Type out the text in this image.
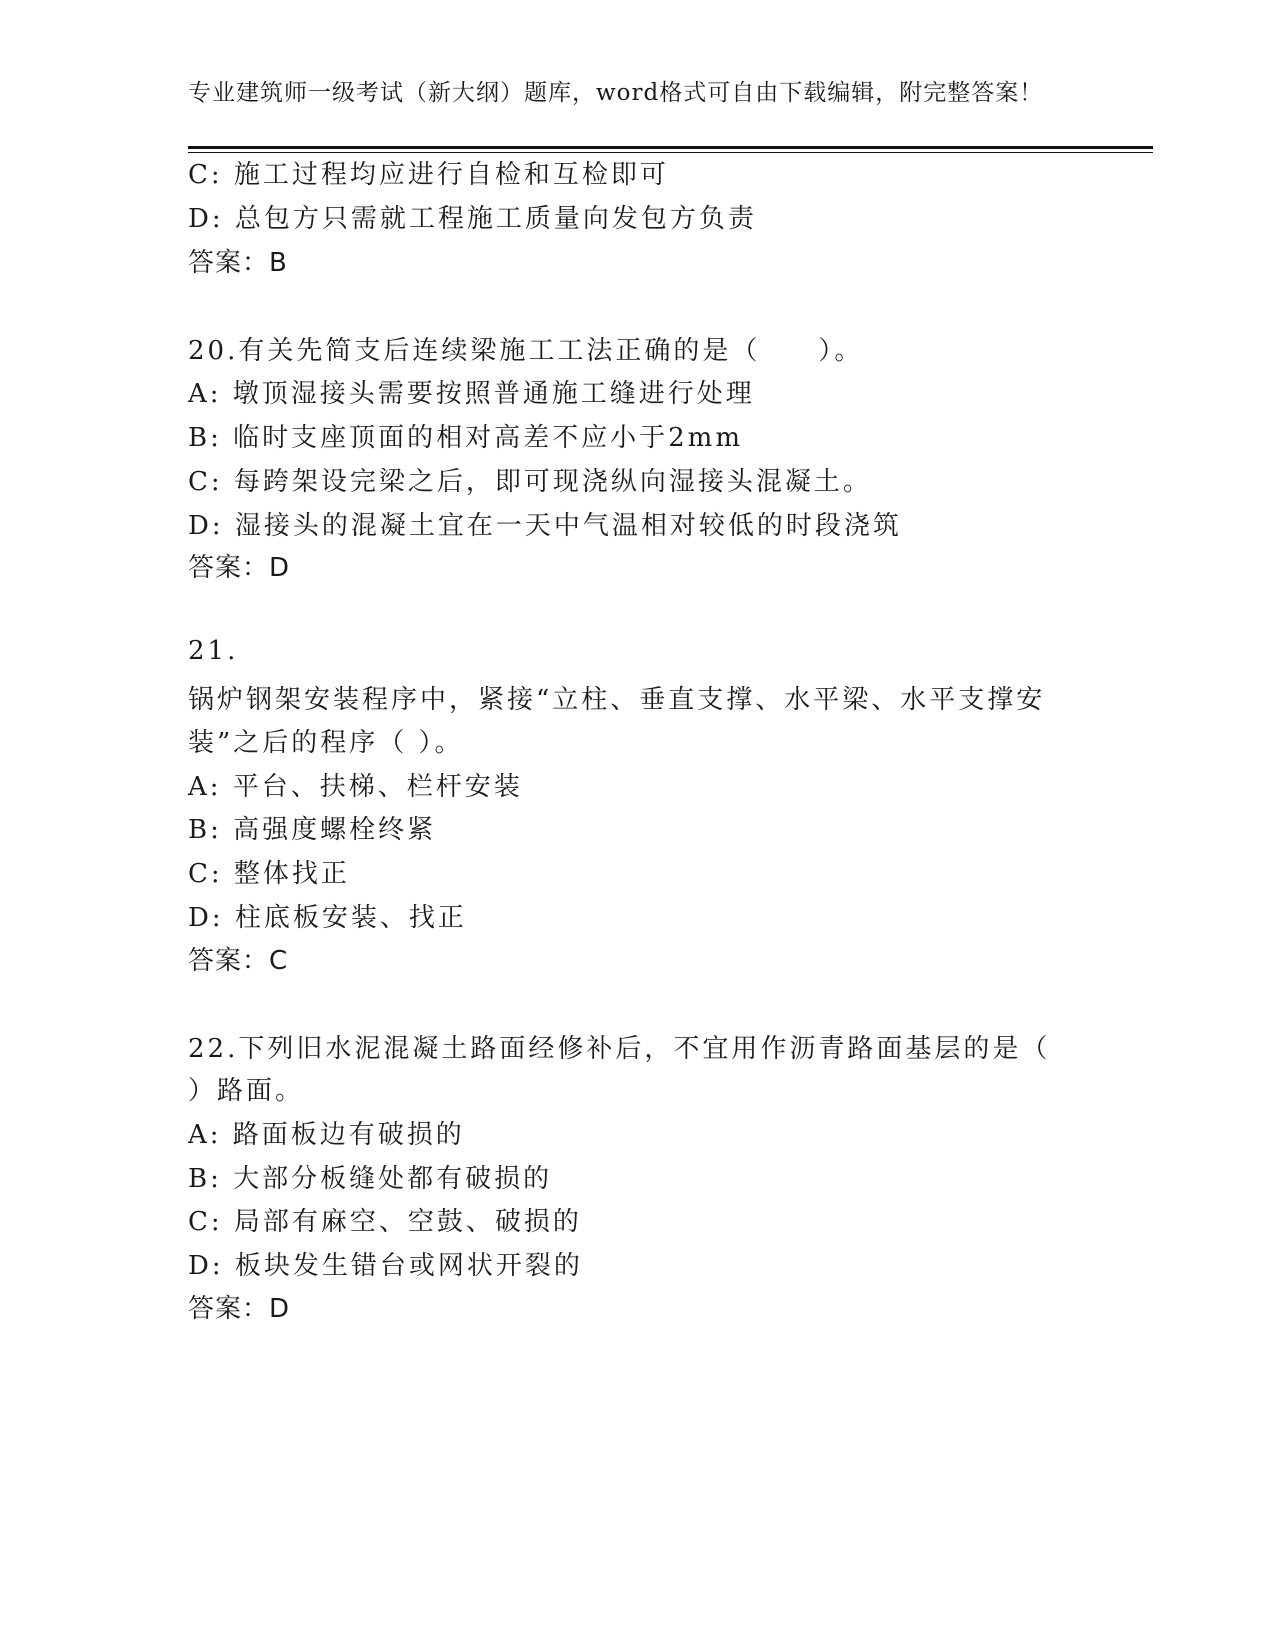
专业建筑师一级考试（新大纲）题库，word格式可自由下载编辑，附完整答案！
C: 施工过程均应进行自检和互检即可
D: 总包方只需就工程施工质量向发包方负责
答案：B
20.有关先简支后连续梁施工工法正确的是（　　）。
A: 墩顶湿接头需要按照普通施工缝进行处理
B: 临时支座顶面的相对高差不应小于2mm
C: 每跨架设完梁之后，即可现浇纵向湿接头混凝土。
D: 湿接头的混凝土宜在一天中气温相对较低的时段浇筑
答案：D
21.
锅炉钢架安装程序中，紧接“立柱、垂直支撑、水平梁、水平支撑安
装”之后的程序（ ）。
A: 平台、扶梯、栏杆安装
B: 高强度螺栓终紧
C: 整体找正
D: 柱底板安装、找正
答案：C
22.下列旧水泥混凝土路面经修补后，不宜用作沥青路面基层的是（
）路面。
A: 路面板边有破损的
B: 大部分板缝处都有破损的
C: 局部有麻空、空鼓、破损的
D: 板块发生错台或网状开裂的
答案：D
